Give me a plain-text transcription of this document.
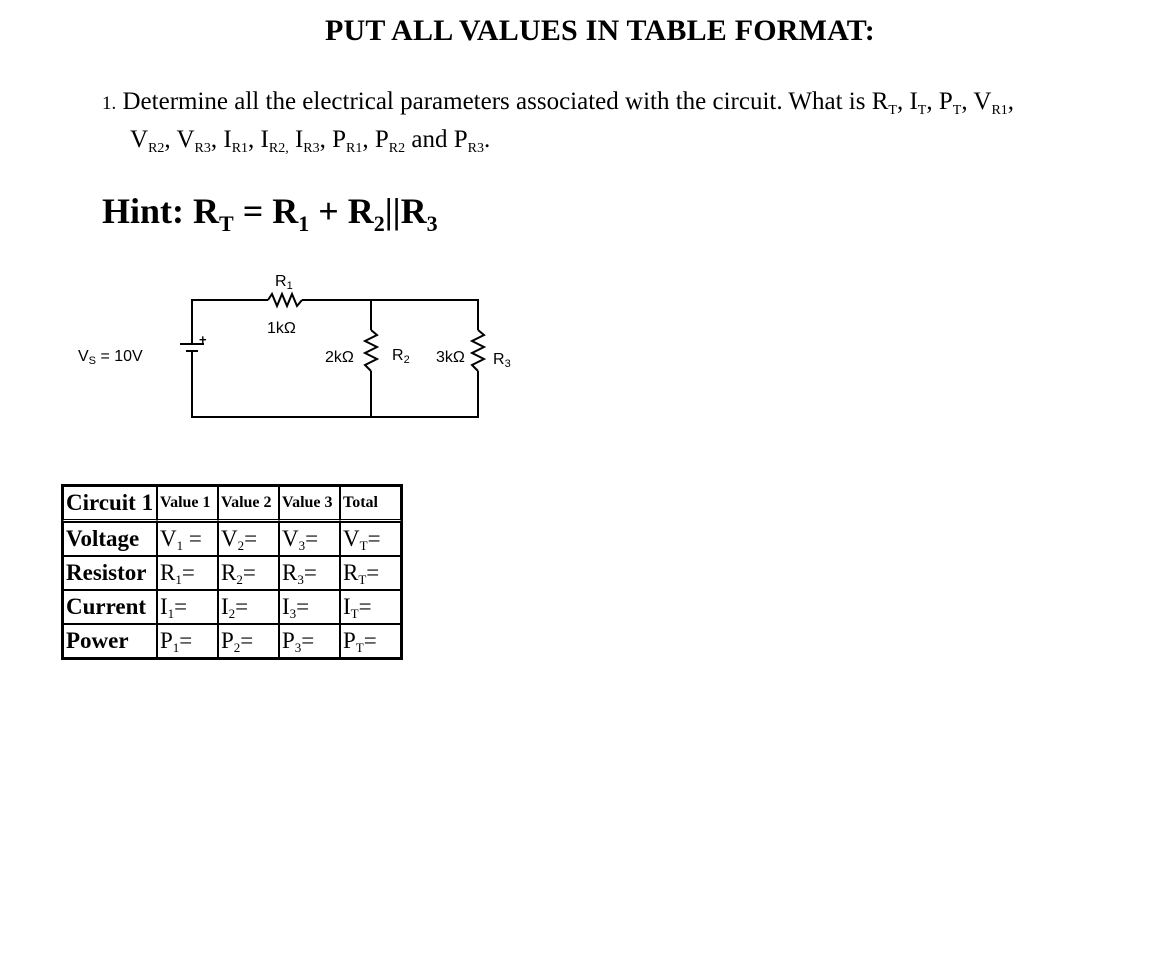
PUT ALL VALUES IN TABLE FORMAT:
1. Determine all the electrical parameters associated with the circuit. What is $R_T$, $I_T$, $P_T$, $V_{R1}$,
$V_{R2}$, $V_{R3}$, $I_{R1}$, $I_{R2,}$ $I_{R3}$, $P_{R1}$, $P_{R2}$ and $P_{R3}$.
Hint: $R_T = R_1 + R_2||R_3$
+
VS = 10V
R1
1kΩ
2kΩ R2 3kΩ R3
Circuit 1	Value 1	Value 2	Value 3	Total
Voltage	$V_1$ =	$V_2=$	$V_3=$	$V_T=$
Resistor	$R_1=$	$R_2=$	$R_3=$	$R_T=$
Current	$I_1=$	$I_2=$	$I_3=$	$I_T=$
Power	$P_1=$	$P_2=$	$P_3=$	$P_T=$
